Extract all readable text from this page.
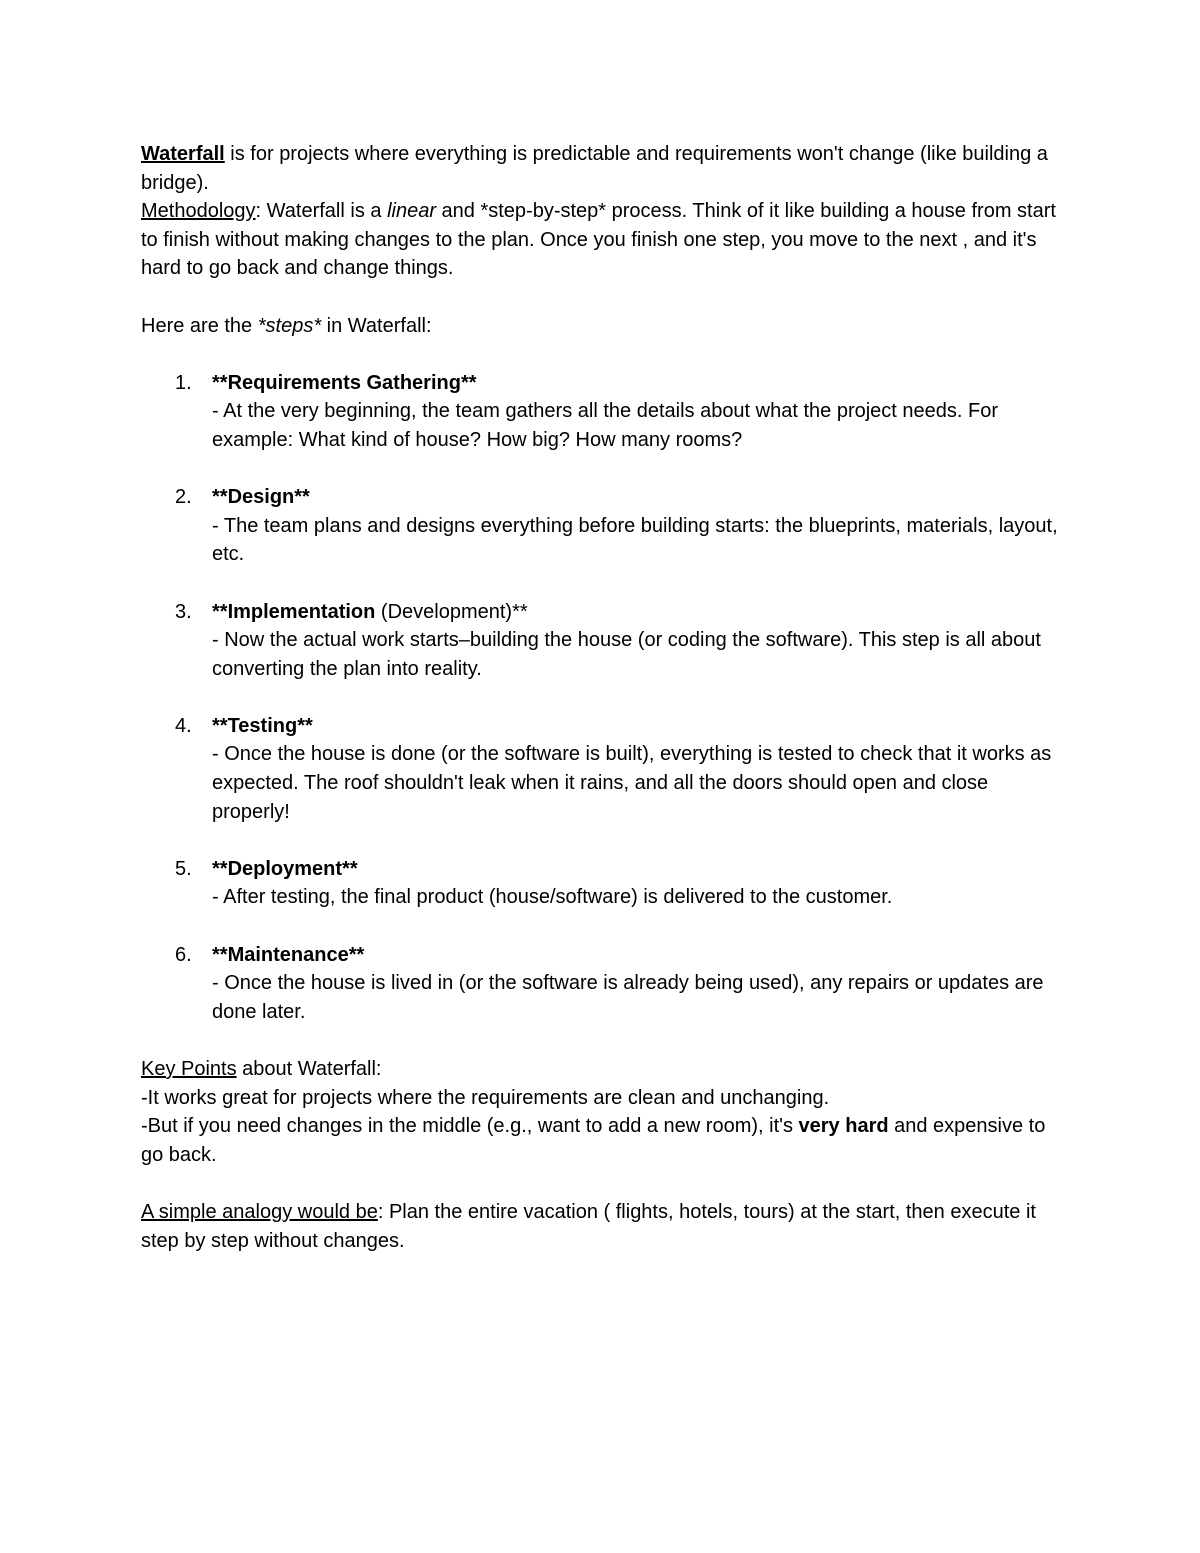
Waterfall is for projects where everything is predictable and requirements won't change (like building a bridge).

Methodology: Waterfall is a linear and *step-by-step* process. Think of it like building a house from start to finish without making changes to the plan. Once you finish one step, you move to the next , and it's hard to go back and change things.

Here are the *steps* in Waterfall:

1. **Requirements Gathering**
- At the very beginning, the team gathers all the details about what the project needs. For example: What kind of house? How big? How many rooms?
2. **Design**
- The team plans and designs everything before building starts: the blueprints, materials, layout, etc.
3. **Implementation (Development)**
- Now the actual work starts–building the house (or coding the software). This step is all about converting the plan into reality.
4. **Testing**
- Once the house is done (or the software is built), everything is tested to check that it works as expected. The roof shouldn't leak when it rains, and all the doors should open and close properly!
5. **Deployment**
- After testing, the final product (house/software) is delivered to the customer.
6. **Maintenance**
- Once the house is lived in (or the software is already being used), any repairs or updates are done later.

Key Points about Waterfall:

-It works great for projects where the requirements are clean and unchanging.

-But if you need changes in the middle (e.g., want to add a new room), it's very hard and expensive to go back.

A simple analogy would be: Plan the entire vacation ( flights, hotels, tours) at the start, then execute it step by step without changes.
